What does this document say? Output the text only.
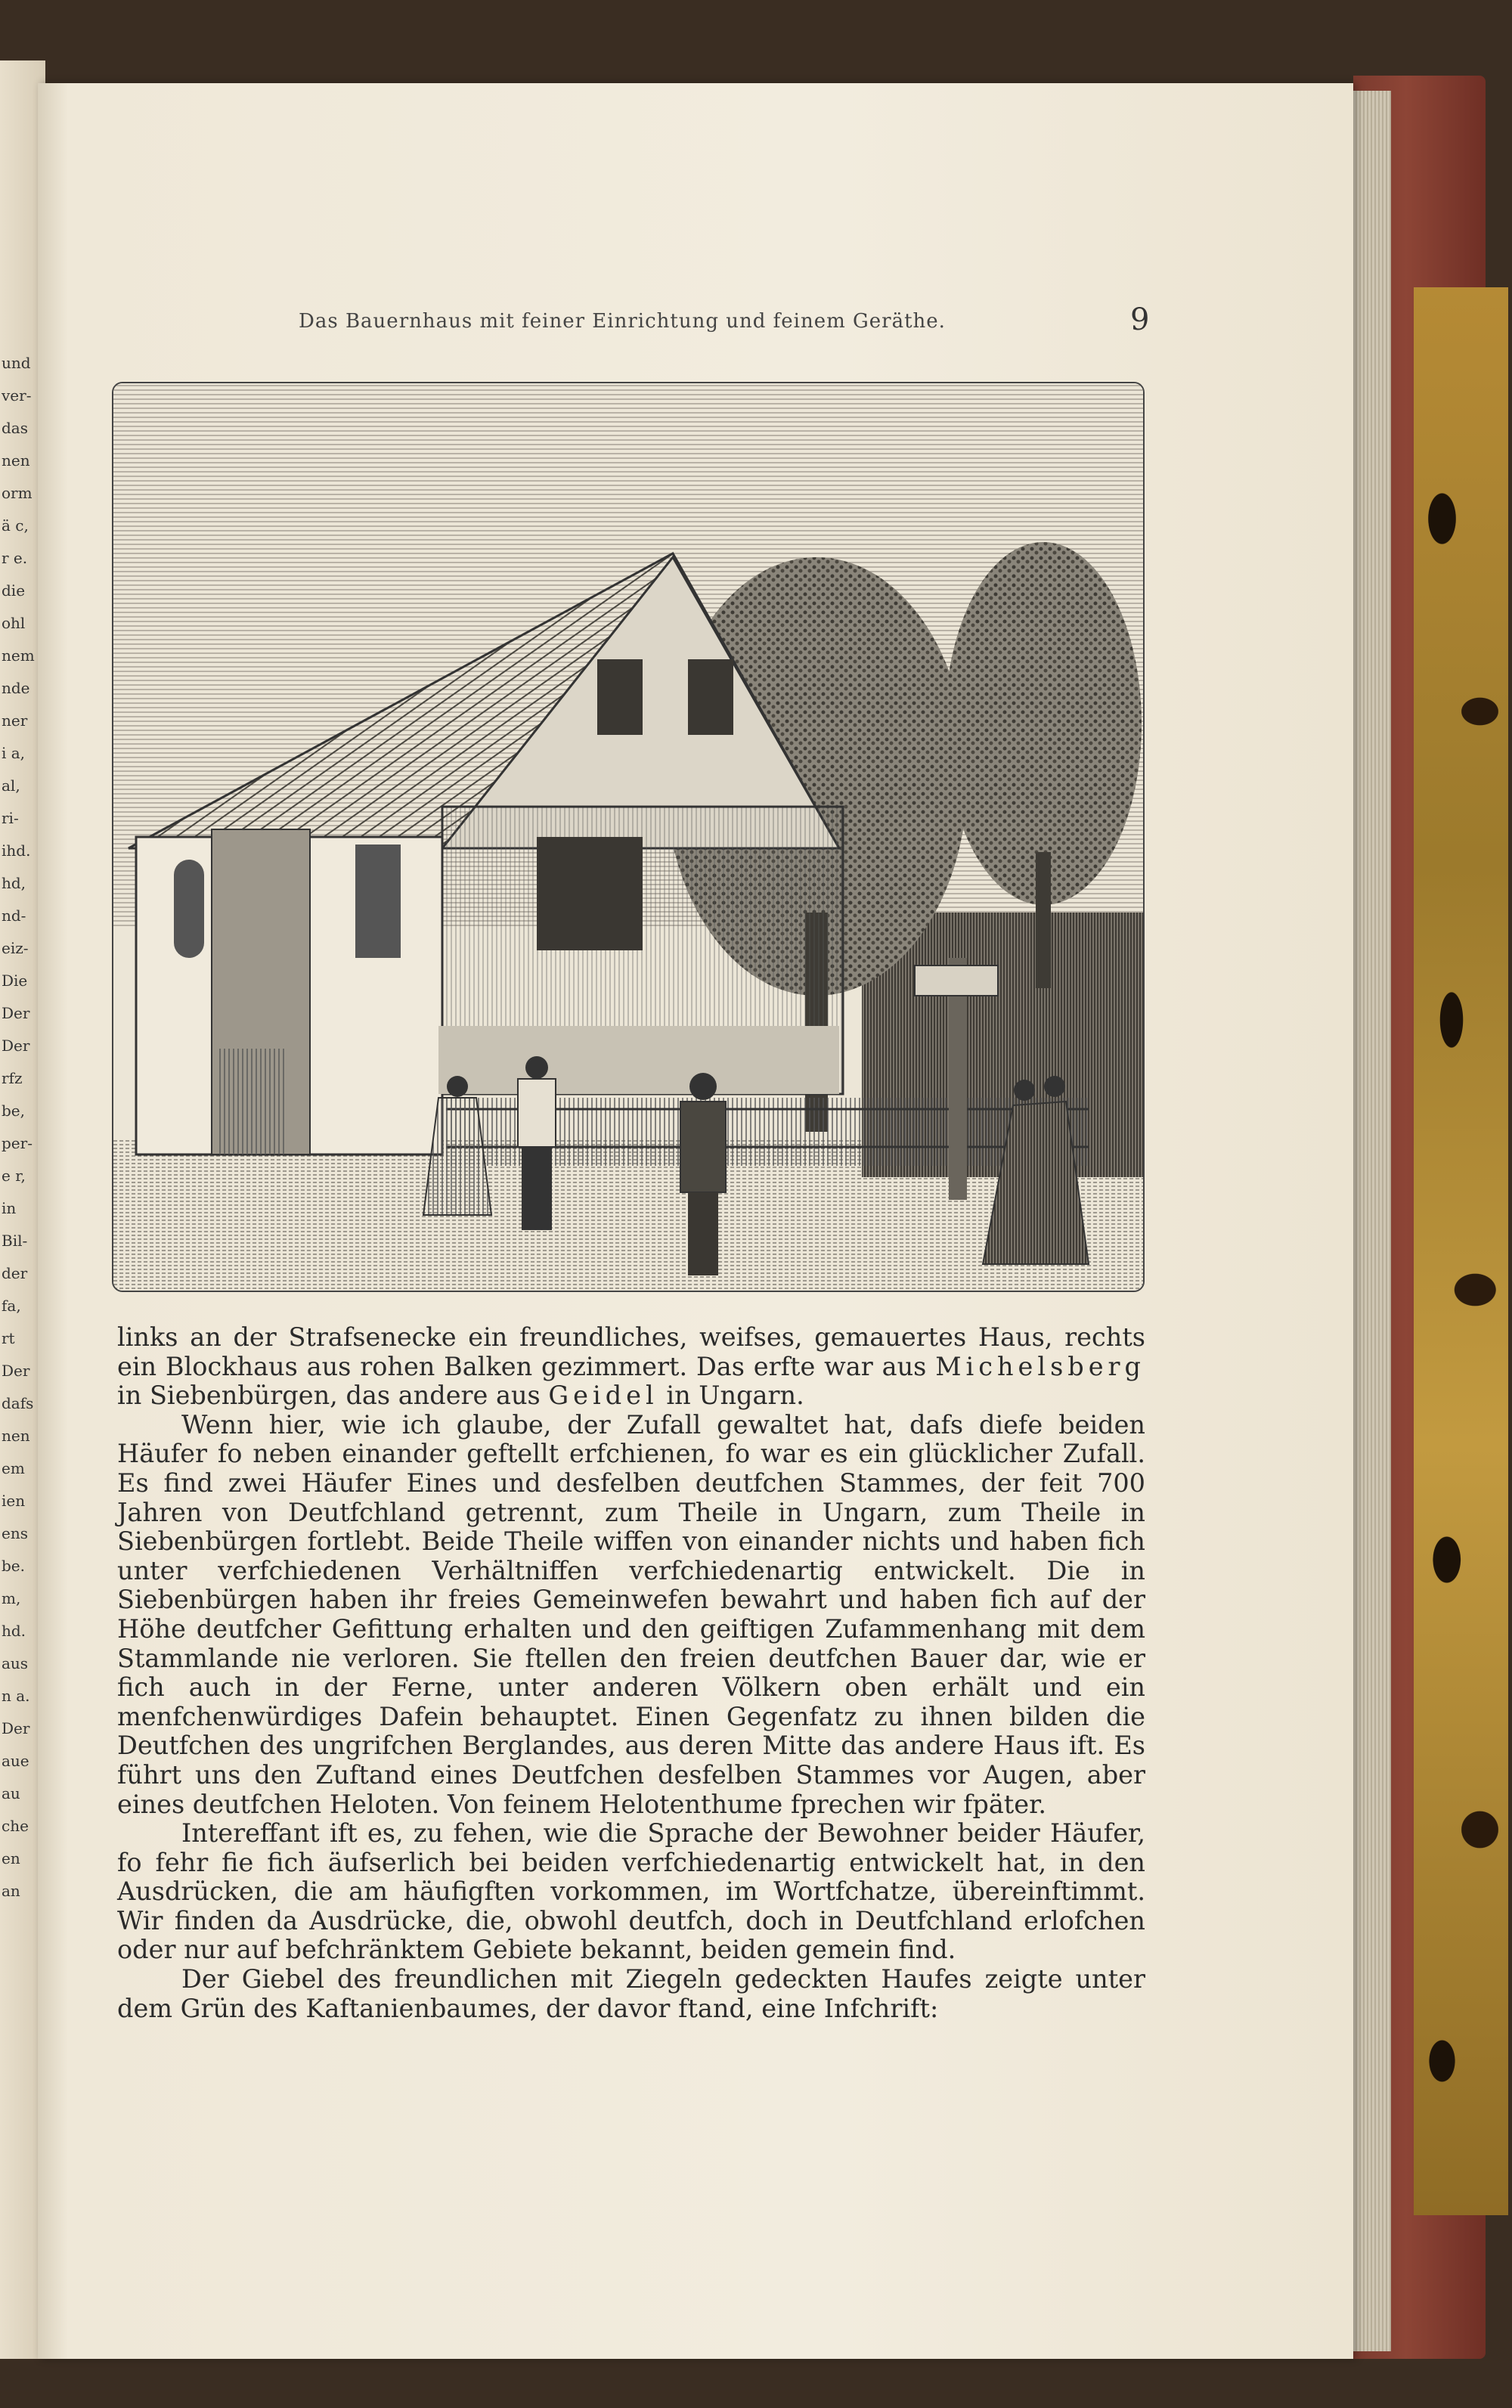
Das Bauernhaus mit feiner Einrichtung und feinem Geräthe.	9

links an der Strafsenecke ein freundliches, weifses, gemauertes Haus, rechts ein Blockhaus aus rohen Balken gezimmert. Das erfte war aus Michelsberg in Siebenbürgen, das andere aus Geidel in Ungarn.

Wenn hier, wie ich glaube, der Zufall gewaltet hat, dafs diefe beiden Häufer fo neben einander geftellt erfchienen, fo war es ein glücklicher Zufall. Es find zwei Häufer Eines und desfelben deutfchen Stammes, der feit 700 Jahren von Deutfchland getrennt, zum Theile in Ungarn, zum Theile in Siebenbürgen fortlebt. Beide Theile wiffen von einander nichts und haben fich unter verfchiedenen Verhältniffen verfchiedenartig entwickelt. Die in Siebenbürgen haben ihr freies Gemeinwefen bewahrt und haben fich auf der Höhe deutfcher Gefittung erhalten und den geiftigen Zufammenhang mit dem Stammlande nie verloren. Sie ftellen den freien deutfchen Bauer dar, wie er fich auch in der Ferne, unter anderen Völkern oben erhält und ein menfchenwürdiges Dafein behauptet. Einen Gegenfatz zu ihnen bilden die Deutfchen des ungrifchen Berglandes, aus deren Mitte das andere Haus ift. Es führt uns den Zuftand eines Deutfchen desfelben Stammes vor Augen, aber eines deutfchen Heloten. Von feinem Helotenthume fprechen wir fpäter.

Intereffant ift es, zu fehen, wie die Sprache der Bewohner beider Häufer, fo fehr fie fich äufserlich bei beiden verfchiedenartig entwickelt hat, in den Ausdrücken, die am häufigften vorkommen, im Wortfchatze, übereinftimmt. Wir finden da Ausdrücke, die, obwohl deutfch, doch in Deutfchland erlofchen oder nur auf befchränktem Gebiete bekannt, beiden gemein find.

Der Giebel des freundlichen mit Ziegeln gedeckten Haufes zeigte unter dem Grün des Kaftanienbaumes, der davor ftand, eine Infchrift:

und
ver-
das
nen
orm
ä c,
r e.
die
ohl
nem
nde
ner
i a,
al,
ri-
ihd.
hd,
nd-
eiz-
Die
Der
Der
rfz
be,
per-
e r,
in
Bil-
der
fa,
rt
Der
dafs
nen
em
ien
ens
be.
m,
hd.
aus
n a.
Der
aue
au
che
en
an
